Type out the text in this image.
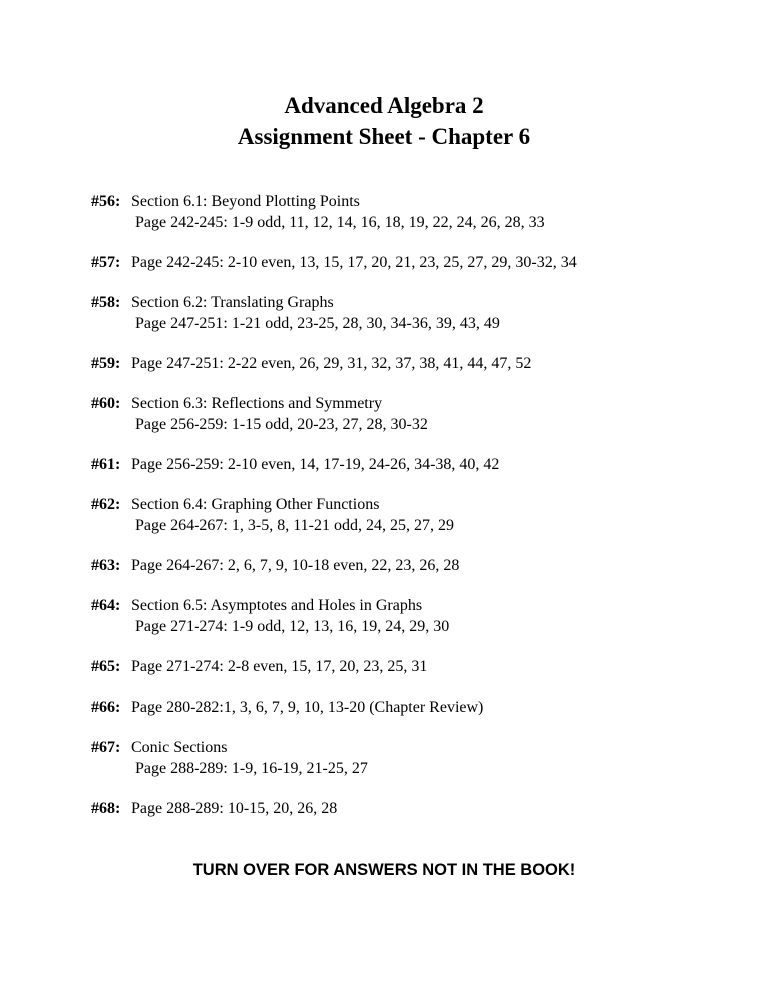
Advanced Algebra 2
Assignment Sheet - Chapter 6
#56: Section 6.1: Beyond Plotting Points
Page 242-245: 1-9 odd, 11, 12, 14, 16, 18, 19, 22, 24, 26, 28, 33
#57: Page 242-245: 2-10 even, 13, 15, 17, 20, 21, 23, 25, 27, 29, 30-32, 34
#58: Section 6.2: Translating Graphs
Page 247-251: 1-21 odd, 23-25, 28, 30, 34-36, 39, 43, 49
#59: Page 247-251: 2-22 even, 26, 29, 31, 32, 37, 38, 41, 44, 47, 52
#60: Section 6.3: Reflections and Symmetry
Page 256-259: 1-15 odd, 20-23, 27, 28, 30-32
#61: Page 256-259: 2-10 even, 14, 17-19, 24-26, 34-38, 40, 42
#62: Section 6.4: Graphing Other Functions
Page 264-267: 1, 3-5, 8, 11-21 odd, 24, 25, 27, 29
#63: Page 264-267: 2, 6, 7, 9, 10-18 even, 22, 23, 26, 28
#64: Section 6.5: Asymptotes and Holes in Graphs
Page 271-274: 1-9 odd, 12, 13, 16, 19, 24, 29, 30
#65: Page 271-274: 2-8 even, 15, 17, 20, 23, 25, 31
#66: Page 280-282:1, 3, 6, 7, 9, 10, 13-20 (Chapter Review)
#67: Conic Sections
Page 288-289: 1-9, 16-19, 21-25, 27
#68: Page 288-289: 10-15, 20, 26, 28
TURN OVER FOR ANSWERS NOT IN THE BOOK!
